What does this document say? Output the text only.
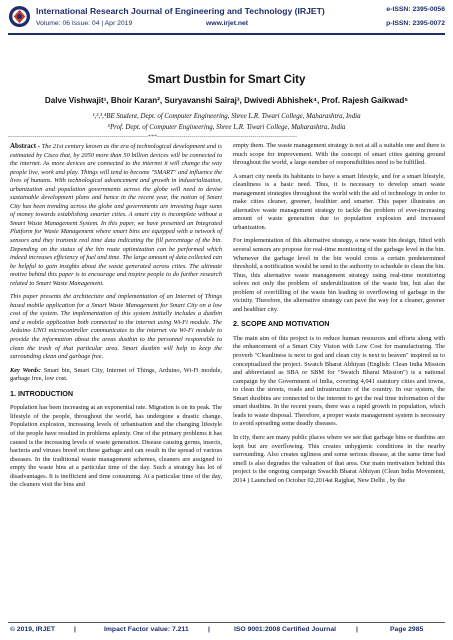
International Research Journal of Engineering and Technology (IRJET)
Volume: 06 Issue: 04 | Apr 2019	www.irjet.net
e-ISSN: 2395-0056
p-ISSN: 2395-0072
Smart Dustbin for Smart City
Dalve Vishwajit¹, Bhoir Karan², Suryavanshi Sairaj³, Dwivedi Abhishek⁴, Prof. Rajesh Gaikwad⁵
¹,²,³,⁴BE Student, Dept. of Computer Engineering, Shree L.R. Tiwari College, Maharashtra, India
⁵Prof. Dept. of Computer Engineering, Shree L.R. Tiwari College, Maharashtra, India
---------------------------------------------------------------------***---------------------------------------------------------------------

Abstract - The 21st century known as the era of technological development and is estimated by Cisco that, by 2050 more than 50 billion devices will be connected to the internet. As more devices are connected to the internet it will change the way people live, work and play. Things will tend to become "SMART" and influence the lives of humans. With technological advancement and growth in industrialization, urbanization and population governments across the globe will need to devise sustainable development plans and hence in the recent year, the notion of Smart City has been trending across the globe and governments are investing huge sums of money towards establishing smarter cities. A smart city is incomplete without a Smart Waste Management System. In this paper, we have presented an Integrated Platform for Waste Management where smart bins are equipped with a network of sensors and they transmit real time data indicating the fill percentage of the bin. Depending on the status of the bin route optimization can be performed which indeed increases efficiency of fuel and time. The large amount of data collected can be helpful to gain insights about the waste generated across cities. The ultimate motive behind this paper is to encourage and inspire people to do further research related to Smart Waste Management.

This paper presents the architecture and implementation of an Internet of Things based mobile application for a Smart Waste Management for Smart City on a low cost of the system. The implementation of this system initially includes a dustbin and a mobile application both connected to the internet using Wi-Fi module. The Arduino UNO microcontroller communicates to the internet via Wi-Fi module to provide the information about the areas dustbin to the personnel responsible to clean the trash of that particular area. Smart dustbin will help to keep the surrounding clean and garbage free.

Key Words: Smart bin, Smart City, Internet of Things, Arduino, Wi-Fi module, garbage free, low cost.

1. INTRODUCTION

Population has been increasing at an exponential rate. Migration is on its peak. The lifestyle of the people, throughout the world, has undergone a drastic change. Population explosion, increasing levels of urbanisation and the changing lifestyle of the people have resulted in problems aplenty. One of the primary problems it has caused is the increasing levels of waste generation. Disease causing germs, insects, bacteria and viruses breed on these garbage and can result in the spread of various diseases. In the traditional waste management schemes, cleaners are assigned to empty the waste bins at a particular time of the day. Such a strategy has lot of disadvantages. It is inefficient and time consuming. At a particular time of the day, the cleaners visit the bins and

empty them. The waste management strategy is not at all a suitable one and there is much scope for improvement. With the concept of smart cities gaining ground throughout the world, a large number of responsibilities need to be fulfilled.

A smart city needs its habitants to have a smart lifestyle, and for a smart lifestyle, cleanliness is a basic need. Thus, it is necessary to develop smart waste management strategies throughout the world with the aid of technology in order to make cities cleaner, greener, healthier and smarter. This paper illustrates an alternative waste management strategy to tackle the problem of ever-increasing amount of waste generation due to population explosion and increased urbanization.

For implementation of this alternative strategy, a new waste bin design, fitted with several sensors are propose for real-time monitoring of the garbage level in the bin. Whenever the garbage level in the bin would cross a certain predetermined threshold, a notification would be send to the authority to schedule to clean the bin. Thus, this alternative waste management strategy using real-time monitoring solves not only the problem of underutilization of the waste bin, but also the problem of overfilling of the waste bin leading to overflowing of garbage in the vicinity. Therefore, the alternative strategy can pave the way for a cleaner, greener and healthier city.

2. SCOPE AND MOTIVATION

The main aim of this project is to reduce human resources and efforts along with the enhancement of a Smart City Vision with Low Cost for manufacturing. The proverb "Cleanliness is next to god and clean city is next to heaven" inspired us to conceptualized the project. Swatch Bharat Abhiyan (English: Clean India Mission and abbreviated as SBA or SBM for "Swatch Bharat Mission") is a national campaign by the Government of India, covering 4,041 statutory cities and towns, to clean the streets, roads and infrastructure of the country. In our system, the Smart dustbins are connected to the internet to get the real time information of the smart dustbins. In the recent years, there was a rapid growth in population, which leads to waste disposal. Therefore, a proper waste management system is necessary to avoid spreading some deadly diseases.

In city, there are many public places where we see that garbage bins or dustbins are kept but are overflowing. This creates unhygienic conditions in the nearby surrounding. Also creates ugliness and some serious disease, at the same time bad smell is also degrades the valuation of that area. Our main motivation behind this project is the ongoing campaign Swachh Bharat Abhiyan (Clean India Movement, 2014 ) Launched on October 02,2014at Rajghat, New Delhi , by the

© 2019, IRJET	|	Impact Factor value: 7.211	|	ISO 9001:2008 Certified Journal	|	Page 2985
